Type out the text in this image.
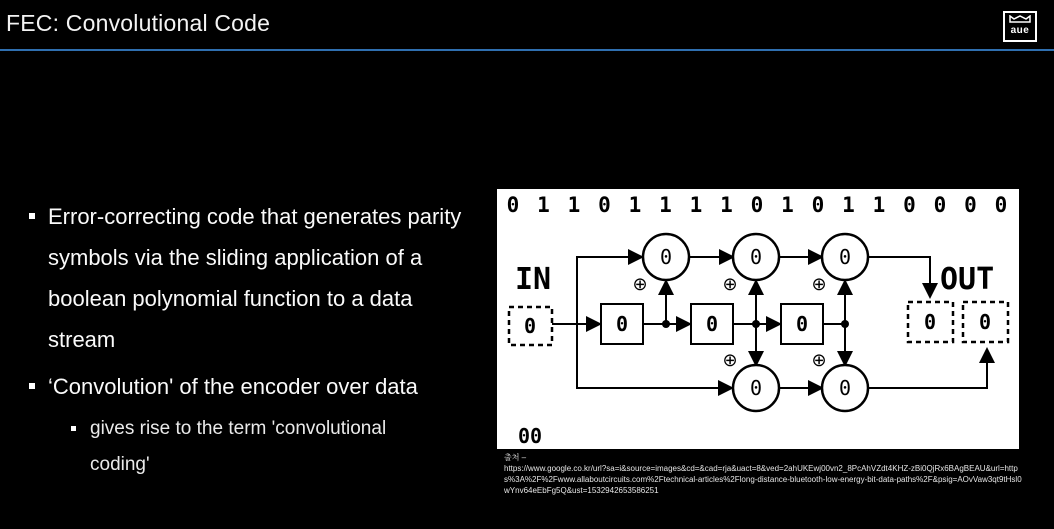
FEC: Convolutional Code	aue
Error-correcting code that generates parity symbols via the sliding application of a boolean polynomial function to a data stream
‘Convolution' of the encoder over data
gives rise to the term 'convolutional coding'
0 1 1 0 1 1 1 1 0 1 0 1 1 0 0 0 0
IN
0	0	0	0
0	0	0
0	0
⊕	⊕	⊕
⊕	⊕
OUT
0 0
00
출처 –
https://www.google.co.kr/url?sa=i&source=images&cd=&cad=rja&uact=8&ved=2ahUKEwj00vn2_8PcAhVZdt4KHZ-zBi0QjRx6BAgBEAU&url=https%3A%2F%2Fwww.allaboutcircuits.com%2Ftechnical-articles%2Flong-distance-bluetooth-low-energy-bit-data-paths%2F&psig=AOvVaw3qt9tHsl0wYnv64eEbFg5Q&ust=1532942653586251
